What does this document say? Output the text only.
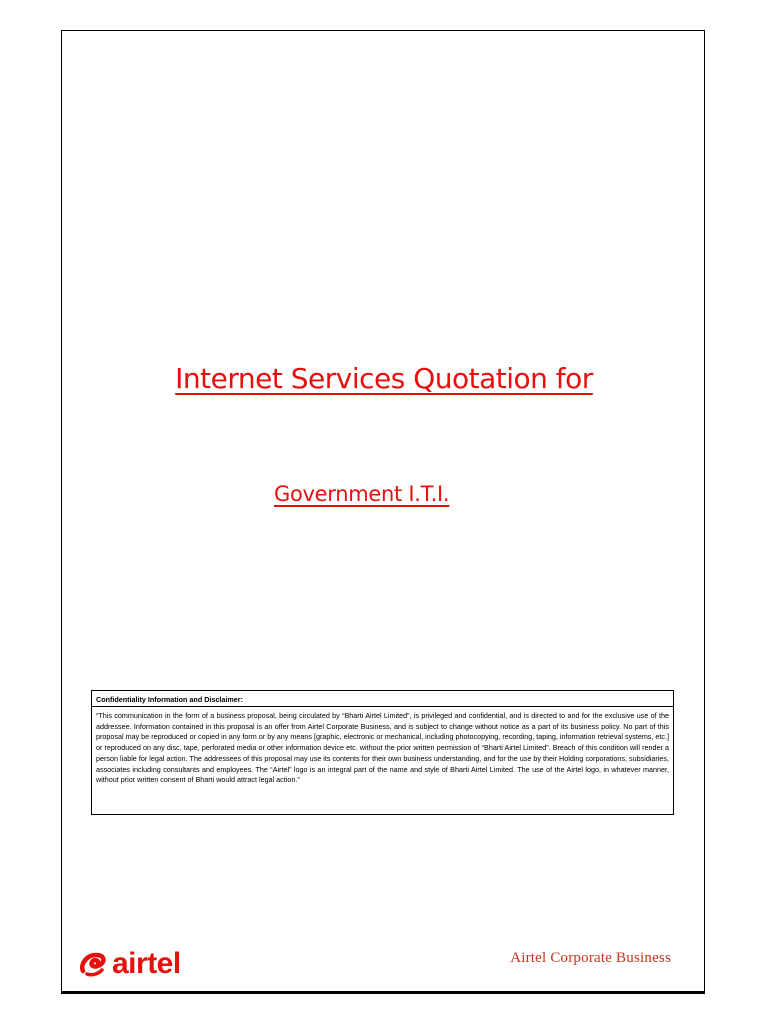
Internet Services Quotation for
Government I.T.I.
Confidentiality Information and Disclaimer:
“This communication in the form of a business proposal, being circulated by “Bharti Airtel Limited”, is privileged and confidential, and is directed to and for the exclusive use of the addressee. Information contained in this proposal is an offer from Airtel Corporate Business, and is subject to change without notice as a part of its business policy. No part of this proposal may be reproduced or copied in any form or by any means [graphic, electronic or mechanical, including photocopying, recording, taping, information retrieval systems, etc.] or reproduced on any disc, tape, perforated media or other information device etc. without the prior written permission of “Bharti Airtel Limited”. Breach of this condition will render a person liable for legal action. The addressees of this proposal may use its contents for their own business understanding, and for the use by their Holding corporations, subsidiaries, associates including consultants and employees. The “Airtel” logo is an integral part of the name and style of Bharti Airtel Limited. The use of the Airtel logo, in whatever manner, without prior written consent of Bharti would attract legal action.”
airtel	Airtel Corporate Business
